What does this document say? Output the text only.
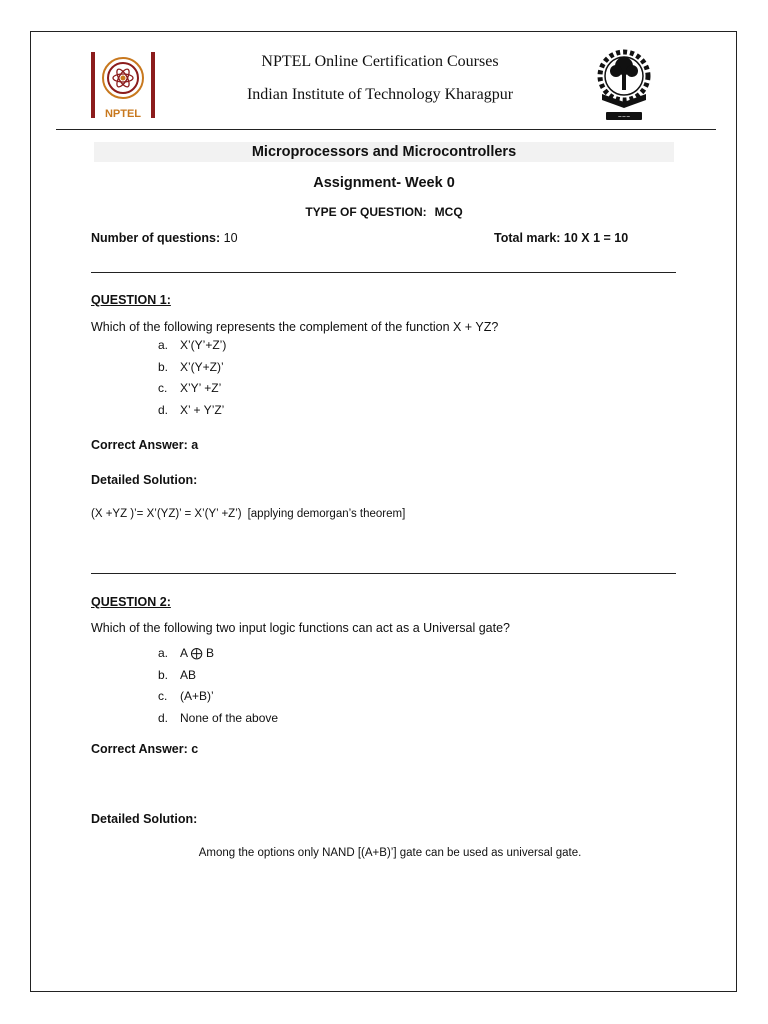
NPTEL
NPTEL Online Certification Courses
Indian Institute of Technology Kharagpur
~~~
Microprocessors and Microcontrollers
Assignment- Week 0
TYPE OF QUESTION: MCQ
Number of questions: 10	Total mark: 10 X 1 = 10
QUESTION 1:
Which of the following represents the complement of the function X + YZ?
a. X’(Y’+Z’)
b. X’(Y+Z)’
c.	X’Y’ +Z’
d. X’ + Y’Z’
Correct Answer: a
Detailed Solution:
(X +YZ )’= X’(YZ)’ = X’(Y’ +Z’) [applying demorgan’s theorem]
QUESTION 2:
Which of the following two input logic functions can act as a Universal gate?
a. A ⨁ B
b. AB
c.	(A+B)’
d. None of the above
Correct Answer: c
Detailed Solution:
Among the options only NAND [(A+B)’] gate can be used as universal gate.
